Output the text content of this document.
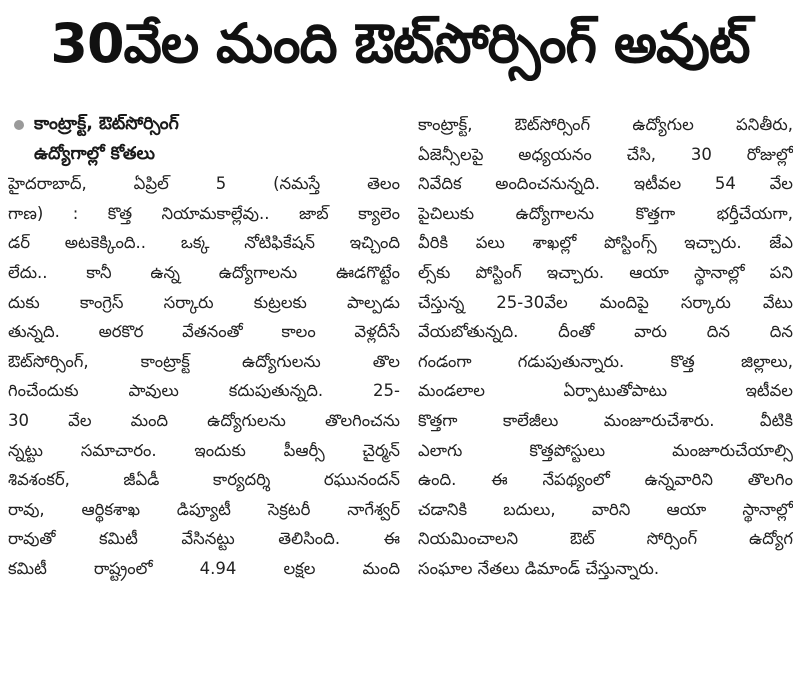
30వేల మంది ఔట్‌సోర్సింగ్ అవుట్
కాంట్రాక్ట్, ఔట్‌సోర్సింగ్
ఉద్యోగాల్లో కోతలు
హైదరాబాద్, ఏప్రిల్ 5 (నమస్తే తెలం
గాణ) : కొత్త నియామకాల్లేవు.. జాబ్ క్యాలెం
డర్ అటకెక్కింది.. ఒక్క నోటిఫికేషన్ ఇచ్చింది
లేదు.. కానీ ఉన్న ఉద్యోగాలను ఊడగొట్టేం
దుకు కాంగ్రెస్ సర్కారు కుట్రలకు పాల్పడు
తున్నది. అరకొర వేతనంతో కాలం వెళ్లదీసే
ఔట్‌సోర్సింగ్, కాంట్రాక్ట్ ఉద్యోగులను తొల
గించేందుకు పావులు కదుపుతున్నది. 25-
30 వేల మంది ఉద్యోగులను తొలగించను
న్నట్టు సమాచారం. ఇందుకు పీఆర్సీ చైర్మన్
శివశంకర్, జీఏడీ కార్యదర్శి రఘునందన్
రావు, ఆర్థికశాఖ డిప్యూటీ సెక్రటరీ నాగేశ్వర్
రావుతో కమిటీ వేసినట్టు తెలిసింది. ఈ
కమిటీ రాష్ట్రంలో 4.94 లక్షల మంది
కాంట్రాక్ట్, ఔట్‌సోర్సింగ్ ఉద్యోగుల పనితీరు,
ఏజెన్సీలపై అధ్యయనం చేసి, 30 రోజుల్లో
నివేదిక అందించనున్నది. ఇటీవల 54 వేల
పైచిలుకు ఉద్యోగాలను కొత్తగా భర్తీచేయగా,
వీరికి పలు శాఖల్లో పోస్టింగ్స్ ఇచ్చారు. జేఎ
ల్స్‌కు పోస్టింగ్ ఇచ్చారు. ఆయా స్థానాల్లో పని
చేస్తున్న 25-30వేల మందిపై సర్కారు వేటు
వేయబోతున్నది. దీంతో వారు దిన దిన
గండంగా గడుపుతున్నారు. కొత్త జిల్లాలు,
మండలాల ఏర్పాటుతోపాటు ఇటీవల
కొత్తగా కాలేజీలు మంజూరుచేశారు. వీటికి
ఎలాగు కొత్తపోస్టులు మంజూరుచేయాల్సి
ఉంది. ఈ నేపథ్యంలో ఉన్నవారిని తొలగిం
చడానికి బదులు, వారిని ఆయా స్థానాల్లో
నియమించాలని ఔట్ సోర్సింగ్ ఉద్యోగ
సంఘాల నేతలు డిమాండ్ చేస్తున్నారు.
